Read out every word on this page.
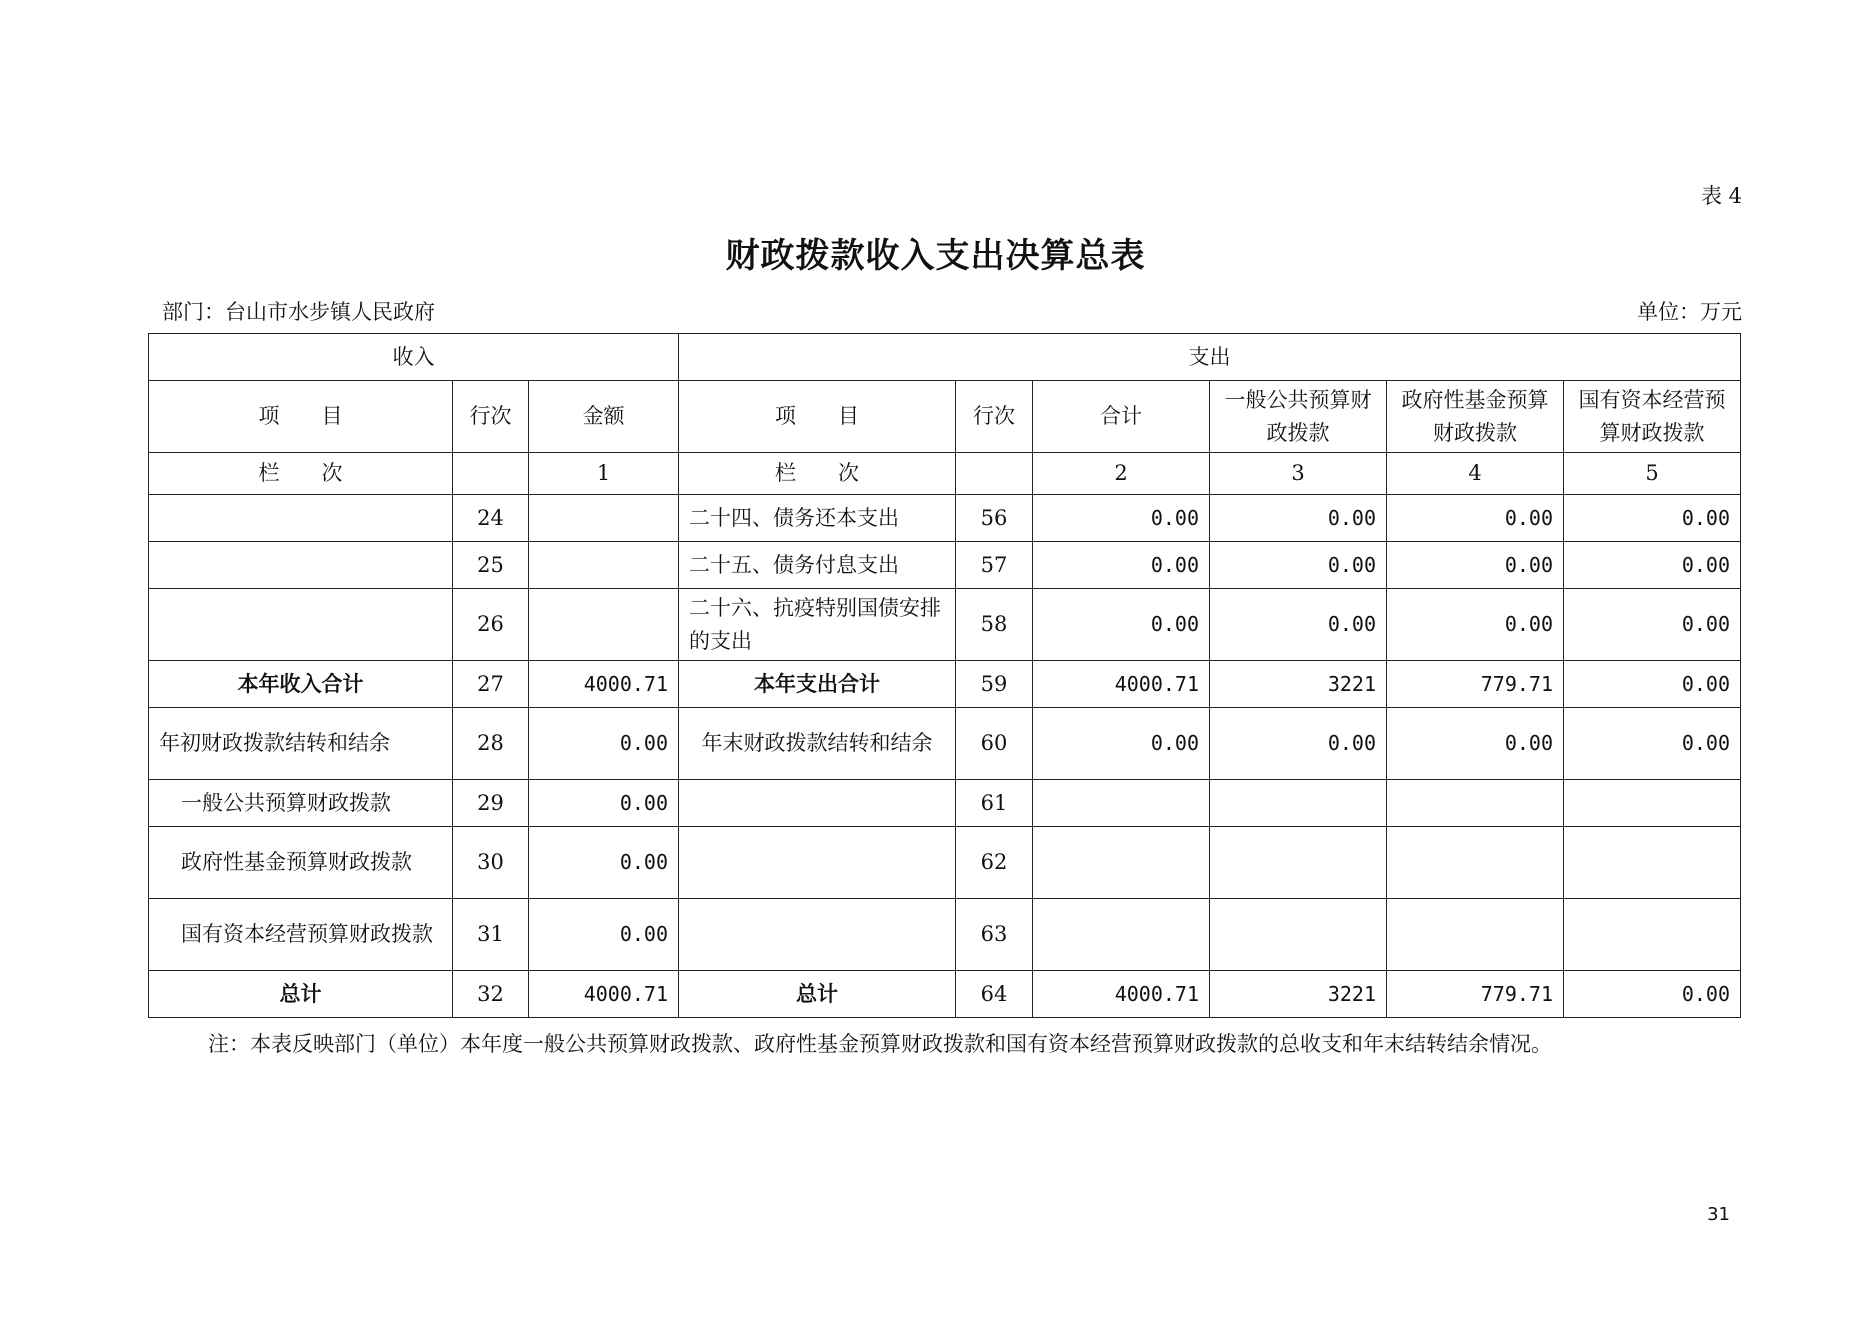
表 4
财政拨款收入支出决算总表
部门：台山市水步镇人民政府	单位：万元
收入			支出					
项　　目	行次	金额	项　　目	行次	合计	一般公共预算财政拨款	政府性基金预算财政拨款	国有资本经营预算财政拨款
栏　　次		1	栏　　次		2	3	4	5
	24		二十四、债务还本支出	56	0.00	0.00	0.00	0.00
	25		二十五、债务付息支出	57	0.00	0.00	0.00	0.00
	26		二十六、抗疫特别国债安排的支出	58	0.00	0.00	0.00	0.00
本年收入合计	27	4000.71	本年支出合计	59	4000.71	3221	779.71	0.00
年初财政拨款结转和结余	28	0.00	年末财政拨款结转和结余	60	0.00	0.00	0.00	0.00
一般公共预算财政拨款	29	0.00		61				
政府性基金预算财政拨款	30	0.00		62				
国有资本经营预算财政拨款	31	0.00		63				
总计	32	4000.71	总计	64	4000.71	3221	779.71	0.00
注：本表反映部门（单位）本年度一般公共预算财政拨款、政府性基金预算财政拨款和国有资本经营预算财政拨款的总收支和年末结转结余情况。
31
